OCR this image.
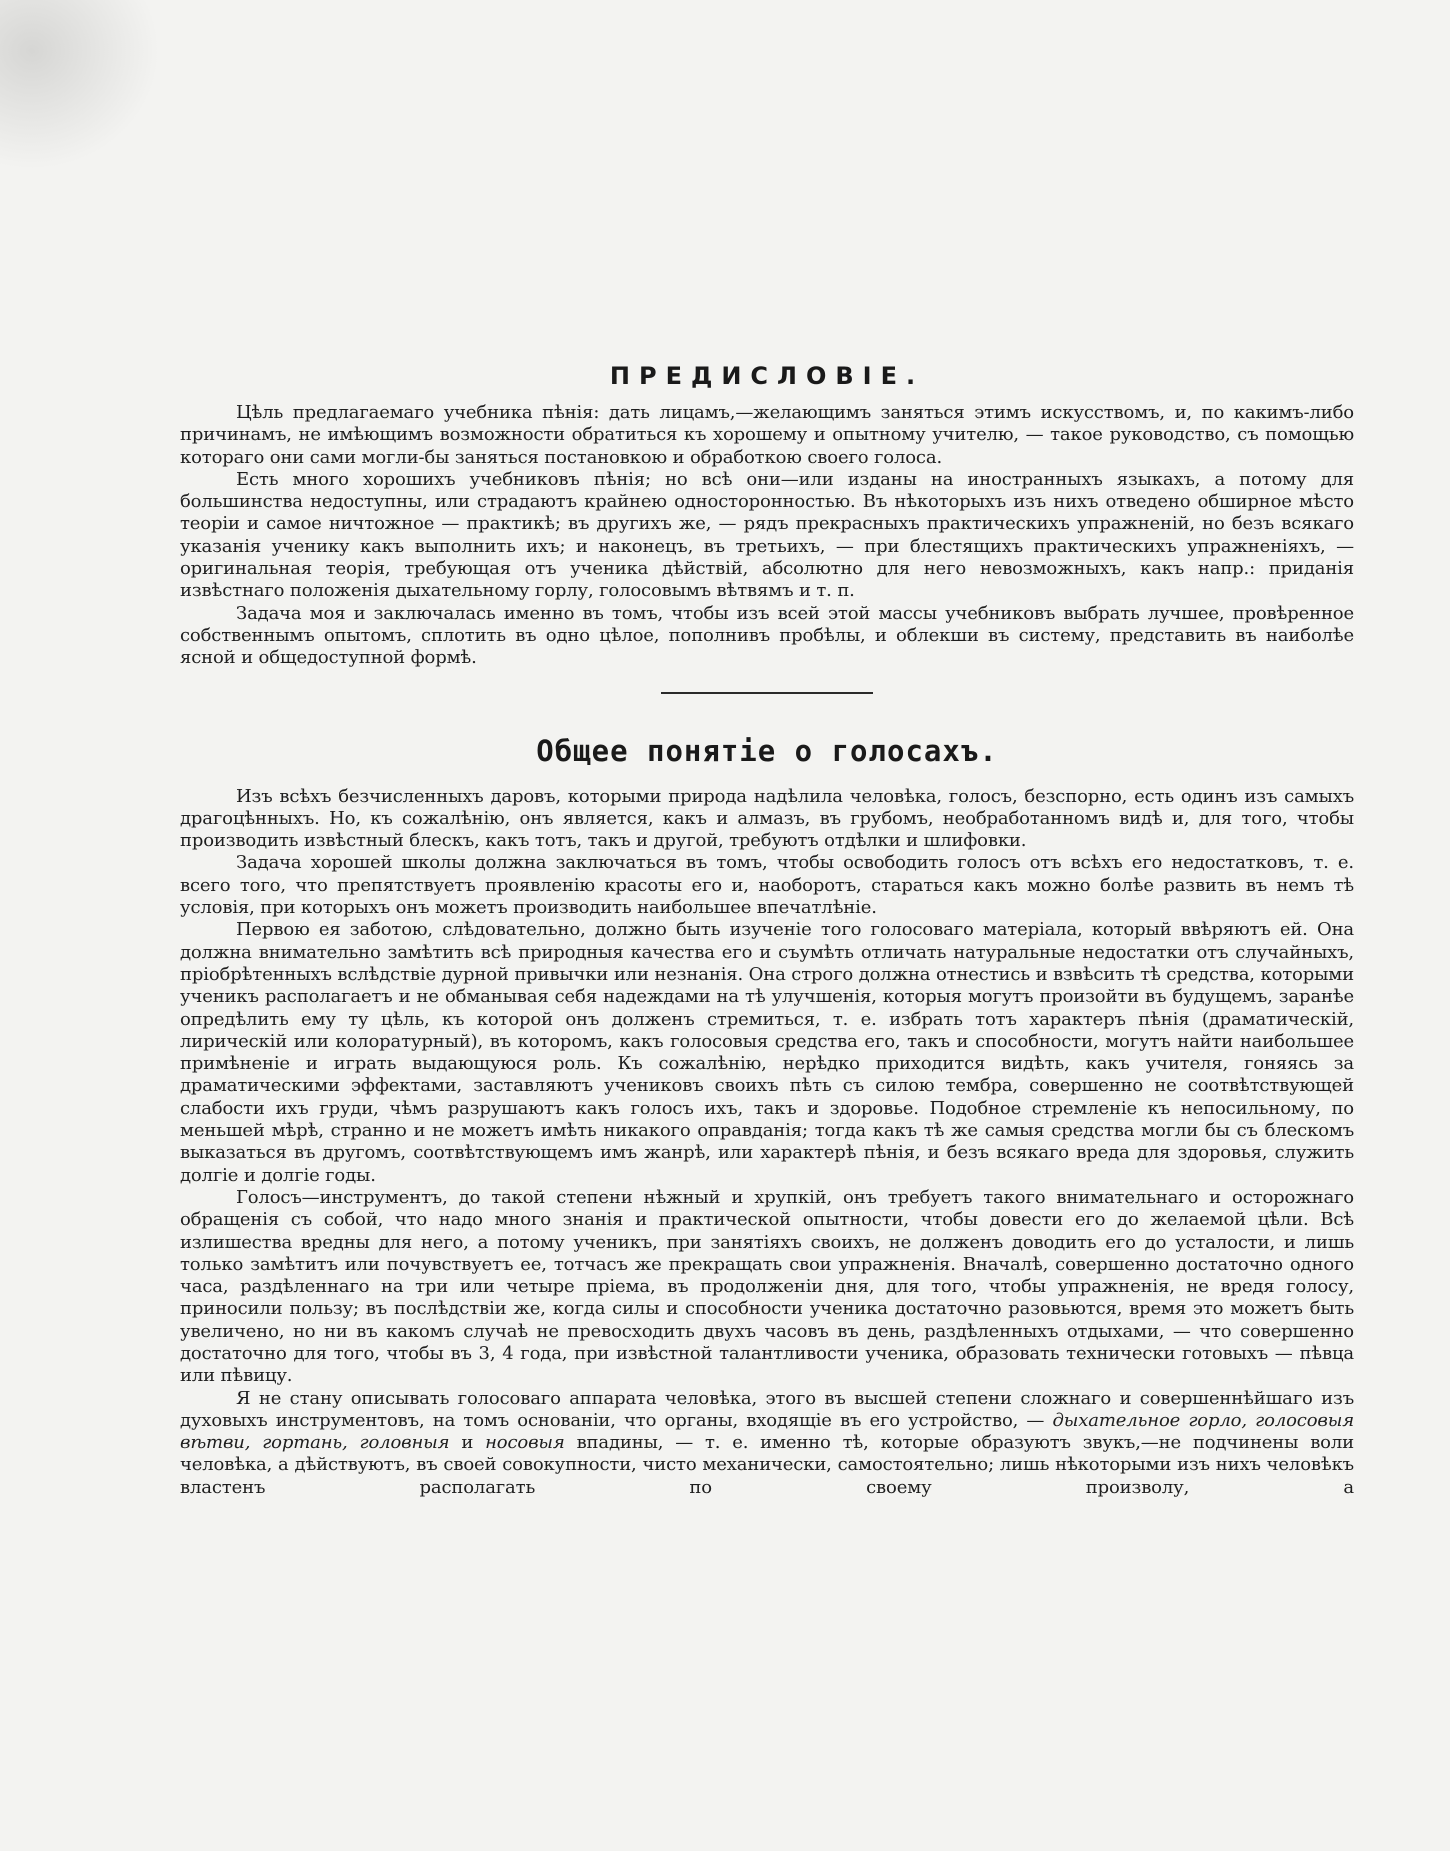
ПРЕДИСЛОВІЕ.

Цѣль предлагаемаго учебника пѣнія: дать лицамъ,—желающимъ заняться этимъ искусствомъ, и, по какимъ-либо причинамъ, не имѣющимъ возможности обратиться къ хорошему и опытному учителю, — такое руководство, съ помощью котораго они сами могли-бы заняться постановкою и обработкою своего голоса.

Есть много хорошихъ учебниковъ пѣнія; но всѣ они—или изданы на иностранныхъ языкахъ, а потому для большинства недоступны, или страдаютъ крайнею односторонностью. Въ нѣкоторыхъ изъ нихъ отведено обширное мѣсто теоріи и самое ничтожное — практикѣ; въ другихъ же, — рядъ прекрасныхъ практическихъ упражненій, но безъ всякаго указанія ученику какъ выполнить ихъ; и наконецъ, въ третьихъ, — при блестящихъ практическихъ упражненіяхъ, — оригинальная теорія, требующая отъ ученика дѣйствій, абсолютно для него невозможныхъ, какъ напр.: приданія извѣстнаго положенія дыхательному горлу, голосовымъ вѣтвямъ и т. п.

Задача моя и заключалась именно въ томъ, чтобы изъ всей этой массы учебниковъ выбрать лучшее, провѣренное собственнымъ опытомъ, сплотить въ одно цѣлое, пополнивъ пробѣлы, и облекши въ систему, представить въ наиболѣе ясной и общедоступной формѣ.

Общее понятіе о голосахъ.

Изъ всѣхъ безчисленныхъ даровъ, которыми природа надѣлила человѣка, голосъ, безспорно, есть одинъ изъ самыхъ драгоцѣнныхъ. Но, къ сожалѣнію, онъ является, какъ и алмазъ, въ грубомъ, необработанномъ видѣ и, для того, чтобы производить извѣстный блескъ, какъ тотъ, такъ и другой, требуютъ отдѣлки и шлифовки.

Задача хорошей школы должна заключаться въ томъ, чтобы освободить голосъ отъ всѣхъ его недостатковъ, т. е. всего того, что препятствуетъ проявленію красоты его и, наоборотъ, стараться какъ можно болѣе развить въ немъ тѣ условія, при которыхъ онъ можетъ производить наибольшее впечатлѣніе.

Первою ея заботою, слѣдовательно, должно быть изученіе того голосоваго матеріала, который ввѣряютъ ей. Она должна внимательно замѣтить всѣ природныя качества его и съумѣть отличать натуральные недостатки отъ случайныхъ, пріобрѣтенныхъ вслѣдствіе дурной привычки или незнанія. Она строго должна отнестись и взвѣсить тѣ средства, которыми ученикъ располагаетъ и не обманывая себя надеждами на тѣ улучшенія, которыя могутъ произойти въ будущемъ, заранѣе опредѣлить ему ту цѣль, къ которой онъ долженъ стремиться, т. е. избрать тотъ характеръ пѣнія (драматическій, лирическій или колоратурный), въ которомъ, какъ голосовыя средства его, такъ и способности, могутъ найти наибольшее примѣненіе и играть выдающуюся роль. Къ сожалѣнію, нерѣдко приходится видѣть, какъ учителя, гоняясь за драматическими эффектами, заставляютъ учениковъ своихъ пѣть съ силою тембра, совершенно не соотвѣтствующей слабости ихъ груди, чѣмъ разрушаютъ какъ голосъ ихъ, такъ и здоровье. Подобное стремленіе къ непосильному, по меньшей мѣрѣ, странно и не можетъ имѣть никакого оправданія; тогда какъ тѣ же самыя средства могли бы съ блескомъ выказаться въ другомъ, соотвѣтствующемъ имъ жанрѣ, или характерѣ пѣнія, и безъ всякаго вреда для здоровья, служить долгіе и долгіе годы.

Голосъ—инструментъ, до такой степени нѣжный и хрупкій, онъ требуетъ такого внимательнаго и осторожнаго обращенія съ собой, что надо много знанія и практической опытности, чтобы довести его до желаемой цѣли. Всѣ излишества вредны для него, а потому ученикъ, при занятіяхъ своихъ, не долженъ доводить его до усталости, и лишь только замѣтитъ или почувствуетъ ее, тотчасъ же прекращать свои упражненія. Вначалѣ, совершенно достаточно одного часа, раздѣленнаго на три или четыре пріема, въ продолженіи дня, для того, чтобы упражненія, не вредя голосу, приносили пользу; въ послѣдствіи же, когда силы и способности ученика достаточно разовьются, время это можетъ быть увеличено, но ни въ какомъ случаѣ не превосходить двухъ часовъ въ день, раздѣленныхъ отдыхами, — что совершенно достаточно для того, чтобы въ 3, 4 года, при извѣстной талантливости ученика, образовать технически готовыхъ — пѣвца или пѣвицу.

Я не стану описывать голосоваго аппарата человѣка, этого въ высшей степени сложнаго и совершеннѣйшаго изъ духовыхъ инструментовъ, на томъ основаніи, что органы, входящіе въ его устройство, — дыхательное горло, голосовыя вѣтви, гортань, головныя и носовыя впадины, — т. е. именно тѣ, которые образуютъ звукъ,—не подчинены воли человѣка, а дѣйствуютъ, въ своей совокупности, чисто механически, самостоятельно; лишь нѣкоторыми изъ нихъ человѣкъ властенъ располагать по своему произволу, а
